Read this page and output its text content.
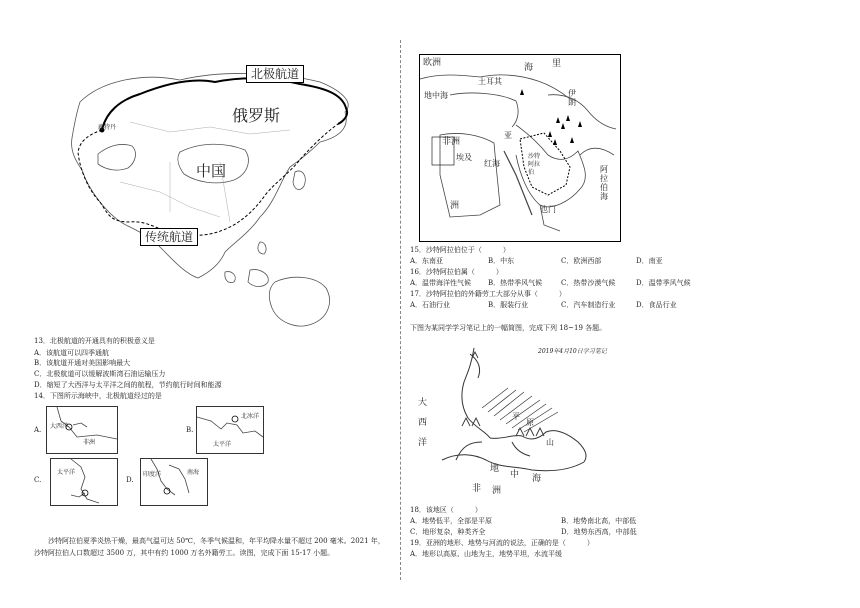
鹿特丹
北极航道
传统航道
俄罗斯
中国
13．北极航道的开通具有的积极意义是
A．该航道可以四季通航
B．该航道开通对美国影响最大
C．北极航道可以缓解波斯湾石油运输压力
D．缩短了大西洋与太平洋之间的航程，节约航行时间和能源
14．下图所示海峡中，北极航道经过的是
A. 大西洋
非洲
B.
北冰洋
太平洋
C.
太平洋
D.
印度洋	南海
沙特阿拉伯夏季炎热干燥，最高气温可达 50℃，冬季气候温和，年平均降水量不超过 200 毫米。2021 年，
沙特阿拉伯人口数超过 3500 万，其中有约 1000 万名外籍劳工。读图，完成下面 15-17 小题。
欧洲
土耳其
地中海
非洲
埃及
红海
亚
沙特阿拉伯
伊朗
阿拉伯海
洲	也门
海 里
15．沙特阿拉伯位于（　　　）
A．东南亚	B．中东	C．欧洲西部	D．南亚
16．沙特阿拉伯属（　　　）
A．温带海洋性气候 B．热带季风气候	C．热带沙漠气候	D．温带季风气候
17．沙特阿拉伯的外籍劳工大部分从事（　　　）
A．石油行业	B．服装行业	C．汽车制造行业	D．食品行业
下图为某同学学习笔记上的一幅简图，完成下列 18~19 各题。
2019年4月10日学习笔记
大
西
洋
平
原
山
地
中 海
非 洲
18．该地区（　　　）
A．地势低平，全部是平原	B．地势南北高，中部低
C．地形复杂，种类齐全	D．地势东西高，中部低
19．亚洲的地形、地势与河流的说法，正确的是（　　　）
A．地形以高原、山地为主，地势平坦，水流平缓
